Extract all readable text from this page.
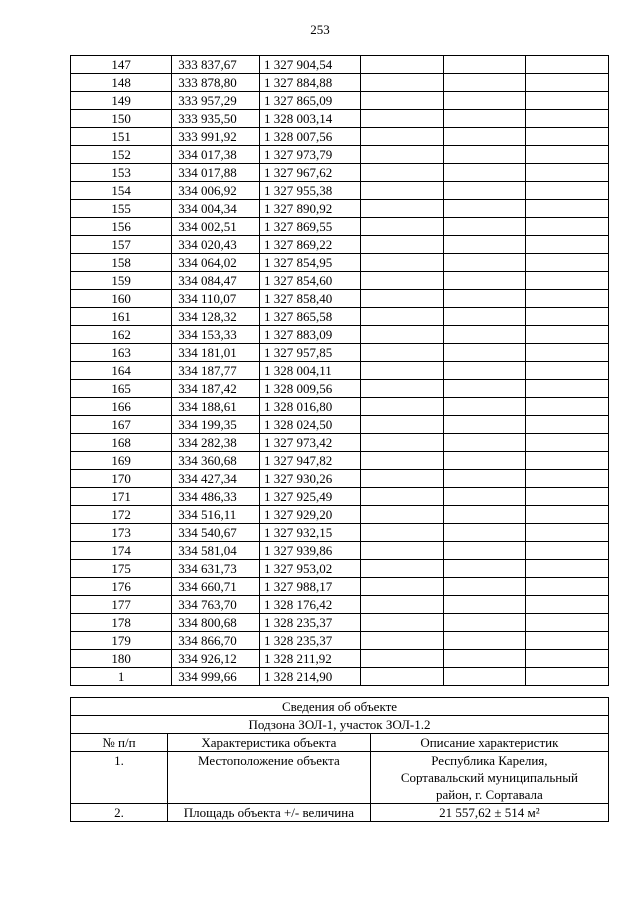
253
147	333 837,67	1 327 904,54			
148	333 878,80	1 327 884,88			
149	333 957,29	1 327 865,09			
150	333 935,50	1 328 003,14			
151	333 991,92	1 328 007,56			
152	334 017,38	1 327 973,79			
153	334 017,88	1 327 967,62			
154	334 006,92	1 327 955,38			
155	334 004,34	1 327 890,92			
156	334 002,51	1 327 869,55			
157	334 020,43	1 327 869,22			
158	334 064,02	1 327 854,95			
159	334 084,47	1 327 854,60			
160	334 110,07	1 327 858,40			
161	334 128,32	1 327 865,58			
162	334 153,33	1 327 883,09			
163	334 181,01	1 327 957,85			
164	334 187,77	1 328 004,11			
165	334 187,42	1 328 009,56			
166	334 188,61	1 328 016,80			
167	334 199,35	1 328 024,50			
168	334 282,38	1 327 973,42			
169	334 360,68	1 327 947,82			
170	334 427,34	1 327 930,26			
171	334 486,33	1 327 925,49			
172	334 516,11	1 327 929,20			
173	334 540,67	1 327 932,15			
174	334 581,04	1 327 939,86			
175	334 631,73	1 327 953,02			
176	334 660,71	1 327 988,17			
177	334 763,70	1 328 176,42			
178	334 800,68	1 328 235,37			
179	334 866,70	1 328 235,37			
180	334 926,12	1 328 211,92			
1	334 999,66	1 328 214,90			
Сведения об объекте		
Подзона ЗОЛ-1, участок ЗОЛ-1.2		
№ п/п	Характеристика объекта	Описание характеристик
1.	Местоположение объекта	Республика Карелия,
Сортавальский муниципальный
район, г. Сортавала

2.	Площадь объекта +/- величина	21 557,62 ± 514 м²
